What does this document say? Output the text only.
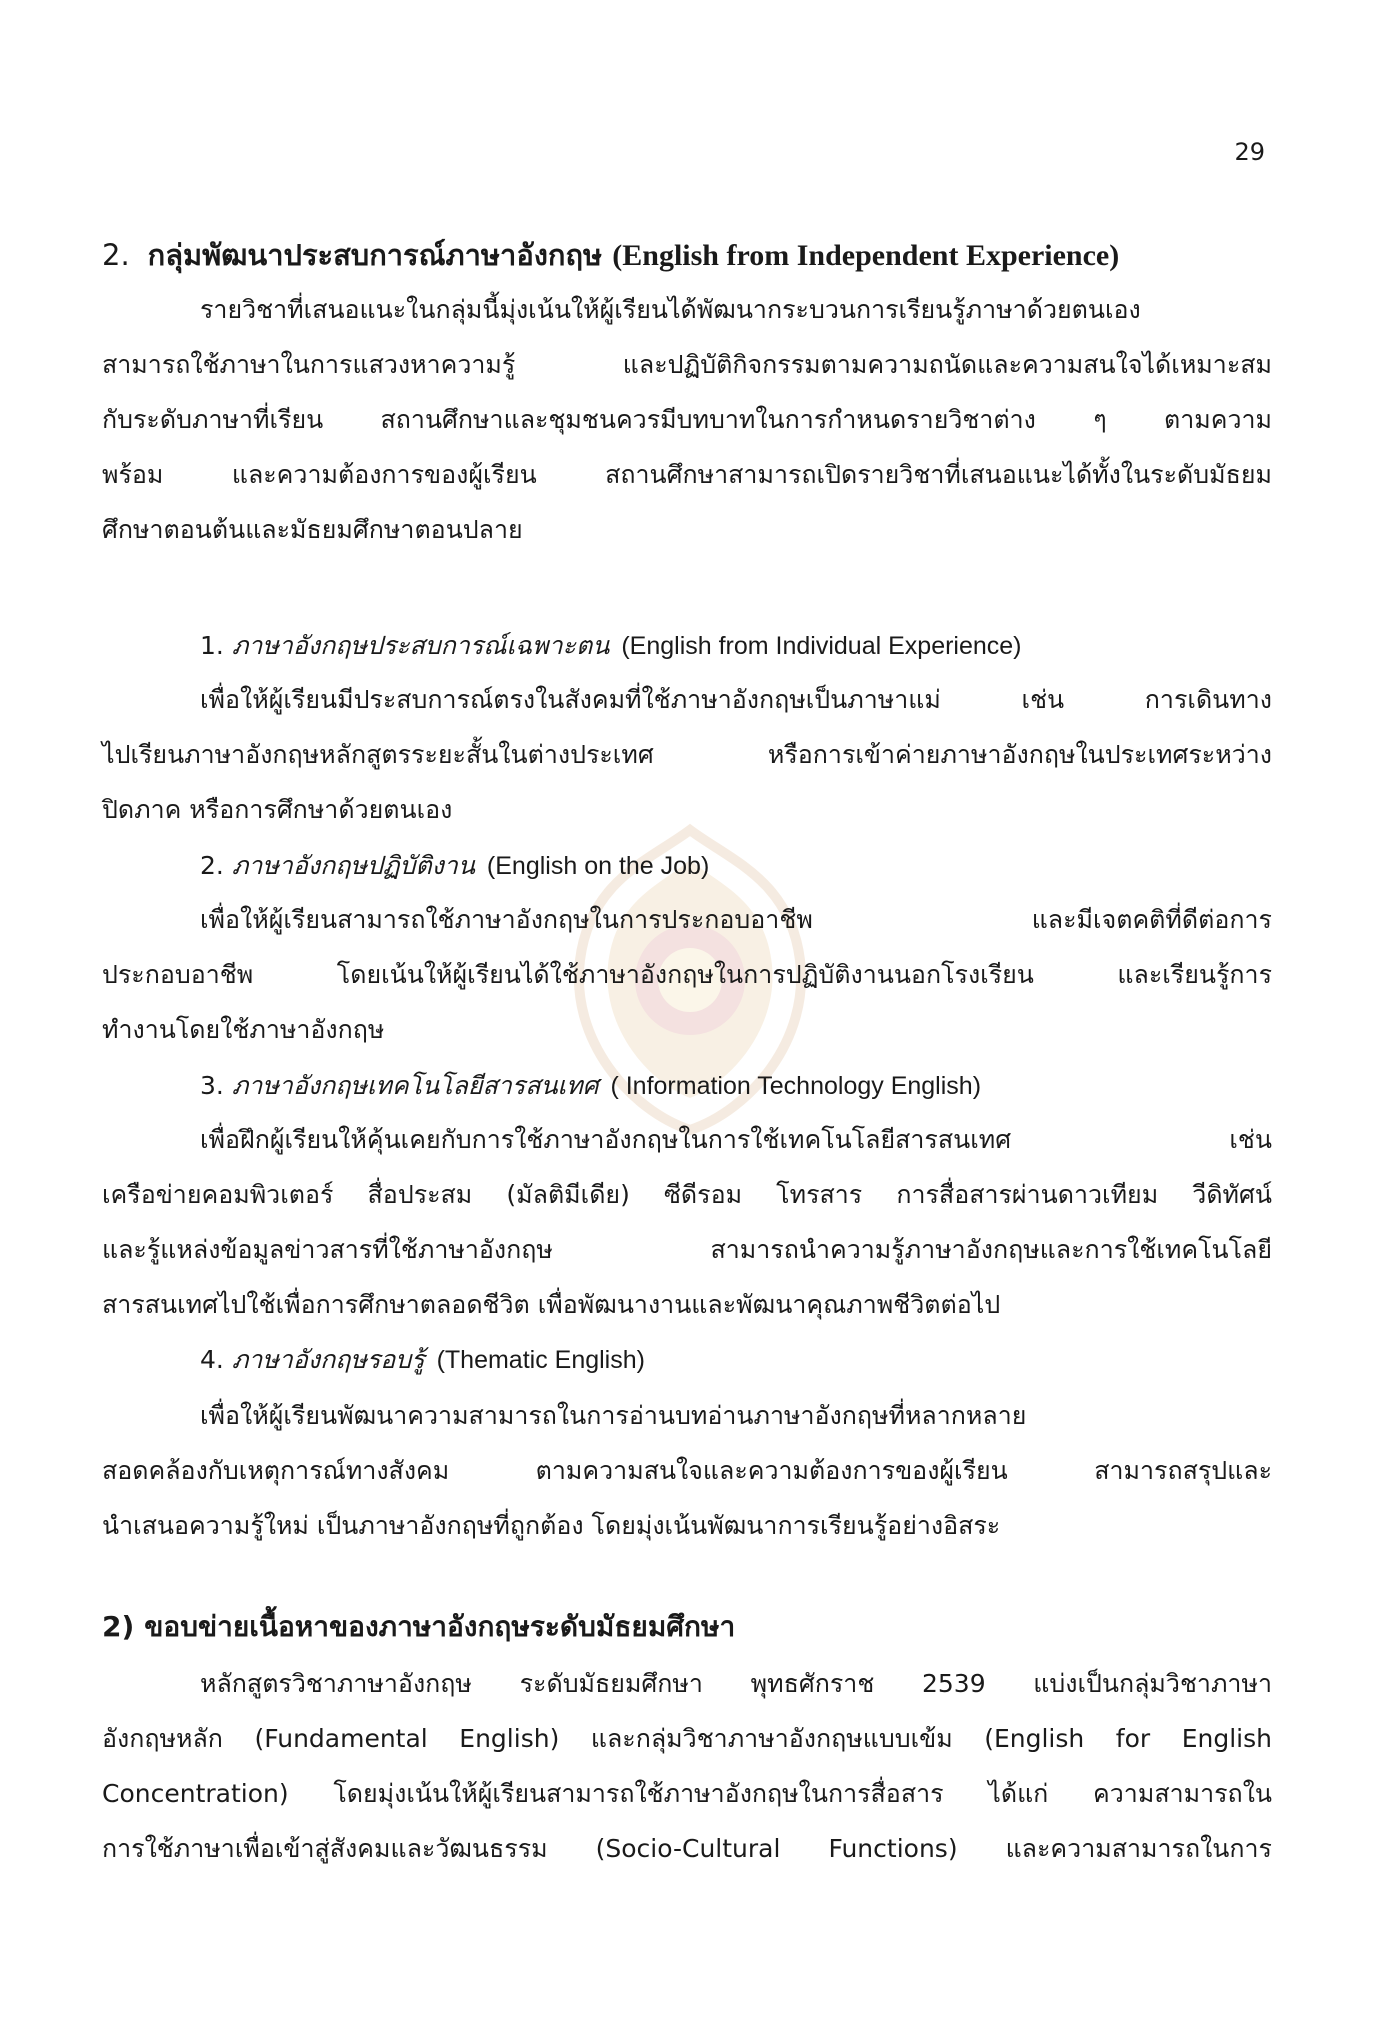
29
2. กลุ่มพัฒนาประสบการณ์ภาษาอังกฤษ (English from Independent Experience)

รายวิชาที่เสนอแนะในกลุ่มนี้มุ่งเน้นให้ผู้เรียนได้พัฒนากระบวนการเรียนรู้ภาษาด้วยตนเอง

สามารถใช้ภาษาในการแสวงหาความรู้ และปฏิบัติกิจกรรมตามความถนัดและความสนใจได้เหมาะสม

กับระดับภาษาที่เรียน สถานศึกษาและชุมชนควรมีบทบาทในการกำหนดรายวิชาต่าง ๆ ตามความ

พร้อม และความต้องการของผู้เรียน สถานศึกษาสามารถเปิดรายวิชาที่เสนอแนะได้ทั้งในระดับมัธยม

ศึกษาตอนต้นและมัธยมศึกษาตอนปลาย

1. ภาษาอังกฤษประสบการณ์เฉพาะตน (English from Individual Experience)

เพื่อให้ผู้เรียนมีประสบการณ์ตรงในสังคมที่ใช้ภาษาอังกฤษเป็นภาษาแม่ เช่น การเดินทาง

ไปเรียนภาษาอังกฤษหลักสูตรระยะสั้นในต่างประเทศ หรือการเข้าค่ายภาษาอังกฤษในประเทศระหว่าง

ปิดภาค หรือการศึกษาด้วยตนเอง

2. ภาษาอังกฤษปฏิบัติงาน (English on the Job)

เพื่อให้ผู้เรียนสามารถใช้ภาษาอังกฤษในการประกอบอาชีพ และมีเจตคติที่ดีต่อการ

ประกอบอาชีพ โดยเน้นให้ผู้เรียนได้ใช้ภาษาอังกฤษในการปฏิบัติงานนอกโรงเรียน และเรียนรู้การ

ทำงานโดยใช้ภาษาอังกฤษ

3. ภาษาอังกฤษเทคโนโลยีสารสนเทศ ( Information Technology English)

เพื่อฝึกผู้เรียนให้คุ้นเคยกับการใช้ภาษาอังกฤษในการใช้เทคโนโลยีสารสนเทศ เช่น

เครือข่ายคอมพิวเตอร์ สื่อประสม (มัลติมีเดีย) ซีดีรอม โทรสาร การสื่อสารผ่านดาวเทียม วีดิทัศน์

และรู้แหล่งข้อมูลข่าวสารที่ใช้ภาษาอังกฤษ สามารถนำความรู้ภาษาอังกฤษและการใช้เทคโนโลยี

สารสนเทศไปใช้เพื่อการศึกษาตลอดชีวิต เพื่อพัฒนางานและพัฒนาคุณภาพชีวิตต่อไป

4. ภาษาอังกฤษรอบรู้ (Thematic English)

เพื่อให้ผู้เรียนพัฒนาความสามารถในการอ่านบทอ่านภาษาอังกฤษที่หลากหลาย

สอดคล้องกับเหตุการณ์ทางสังคม ตามความสนใจและความต้องการของผู้เรียน สามารถสรุปและ

นำเสนอความรู้ใหม่ เป็นภาษาอังกฤษที่ถูกต้อง โดยมุ่งเน้นพัฒนาการเรียนรู้อย่างอิสระ

2) ขอบข่ายเนื้อหาของภาษาอังกฤษระดับมัธยมศึกษา

หลักสูตรวิชาภาษาอังกฤษ ระดับมัธยมศึกษา พุทธศักราช 2539 แบ่งเป็นกลุ่มวิชาภาษา

อังกฤษหลัก (Fundamental English) และกลุ่มวิชาภาษาอังกฤษแบบเข้ม (English for English

Concentration) โดยมุ่งเน้นให้ผู้เรียนสามารถใช้ภาษาอังกฤษในการสื่อสาร ได้แก่ ความสามารถใน

การใช้ภาษาเพื่อเข้าสู่สังคมและวัฒนธรรม (Socio-Cultural Functions) และความสามารถในการ
